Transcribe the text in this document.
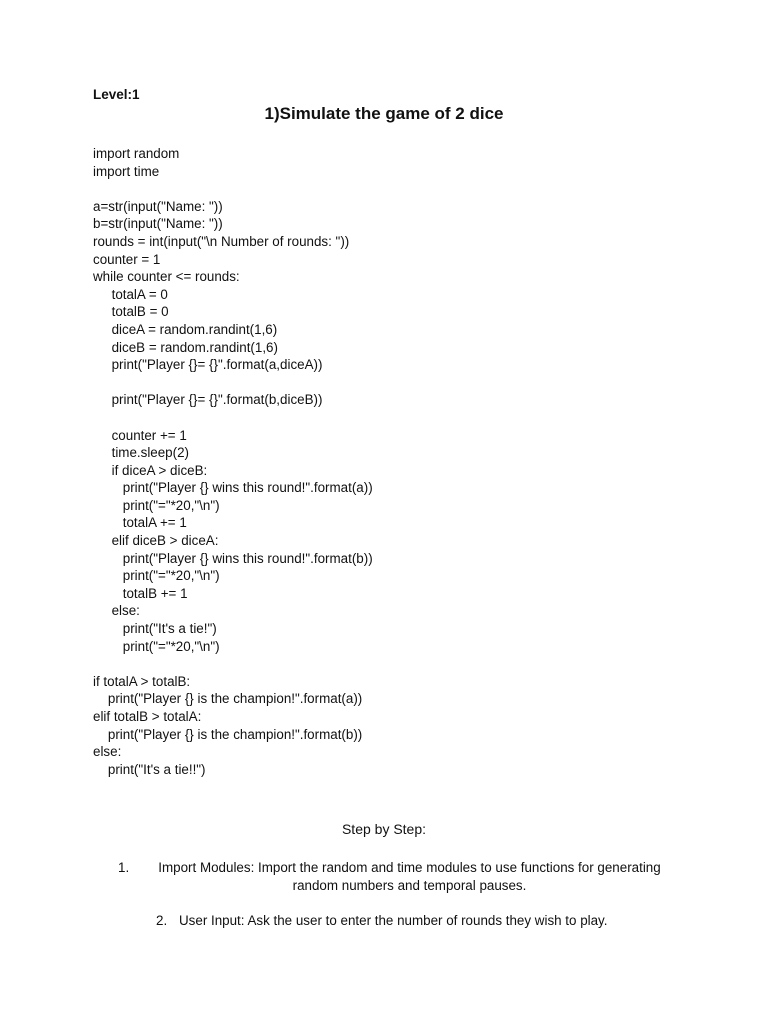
Level:1
1)Simulate the game of 2 dice
import random
import time
a=str(input("Name: "))
b=str(input("Name: "))
rounds = int(input("\n Number of rounds: "))
counter = 1
while counter <= rounds:
totalA = 0
totalB = 0
diceA = random.randint(1,6)
diceB = random.randint(1,6)
print("Player {}= {}".format(a,diceA))
print("Player {}= {}".format(b,diceB))
counter += 1
time.sleep(2)
if diceA > diceB:
print("Player {} wins this round!".format(a))
print("="*20,"\n")
totalA += 1
elif diceB > diceA:
print("Player {} wins this round!".format(b))
print("="*20,"\n")
totalB += 1
else:
print("It's a tie!")
print("="*20,"\n")
if totalA > totalB:
print("Player {} is the champion!".format(a))
elif totalB > totalA:
print("Player {} is the champion!".format(b))
else:
print("It's a tie!!")
Step by Step:
1.	Import Modules: Import the random and time modules to use functions for generating random numbers and temporal pauses.
2. User Input: Ask the user to enter the number of rounds they wish to play.
